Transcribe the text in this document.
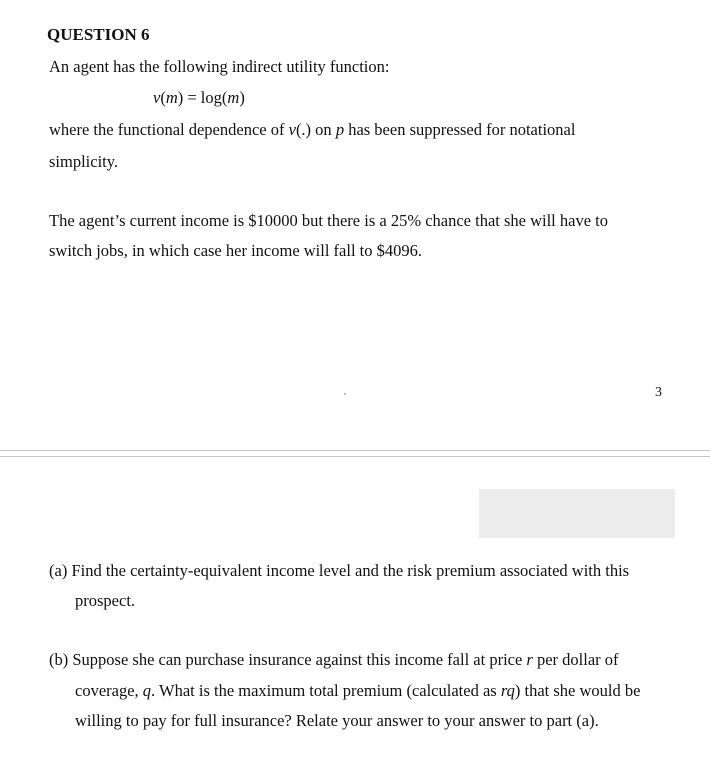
QUESTION 6
An agent has the following indirect utility function:
v(m) = log(m)
where the functional dependence of v(.) on p has been suppressed for notational
simplicity.
The agent’s current income is $10000 but there is a 25% chance that she will have to
switch jobs, in which case her income will fall to $4096.
3
(a) Find the certainty-equivalent income level and the risk premium associated with this
prospect.
(b) Suppose she can purchase insurance against this income fall at price r per dollar of
coverage, q. What is the maximum total premium (calculated as rq) that she would be
willing to pay for full insurance? Relate your answer to your answer to part (a).
